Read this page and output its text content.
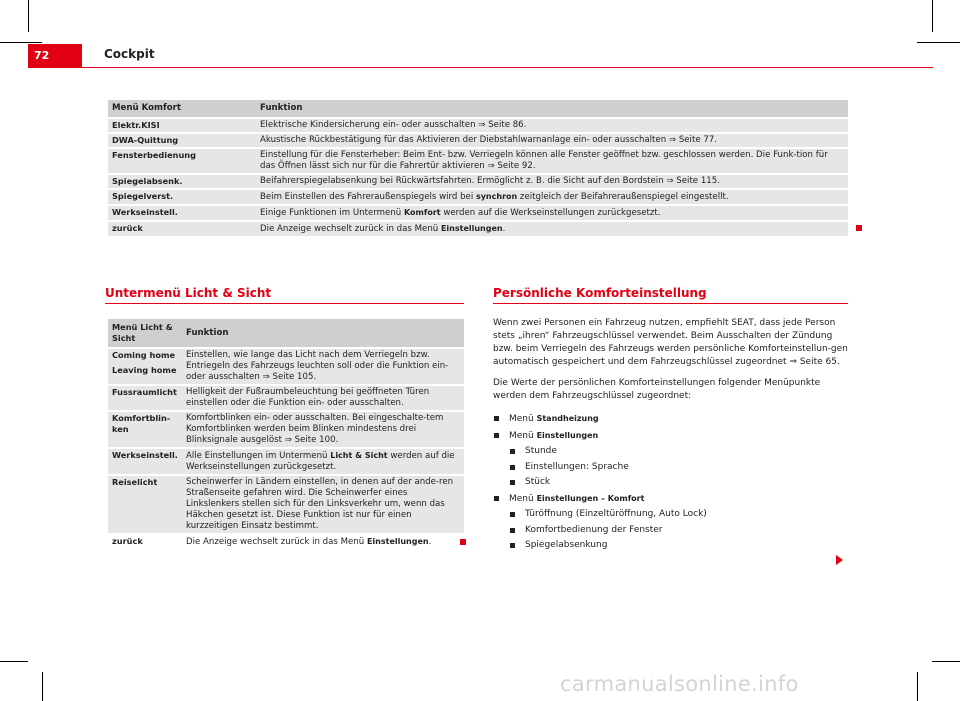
72	Cockpit
Menü Komfort	Funktion
Elektr.KISI	Elektrische Kindersicherung ein- oder ausschalten ⇒ Seite 86.
DWA-Quittung	Akustische Rückbestätigung für das Aktivieren der Diebstahlwarnanlage ein- oder ausschalten ⇒ Seite 77.
Fensterbedienung	Einstellung für die Fensterheber: Beim Ent- bzw. Verriegeln können alle Fenster geöffnet bzw. geschlossen werden. Die Funk-tion für das Öffnen lässt sich nur für die Fahrertür aktivieren ⇒ Seite 92.
Spiegelabsenk.	Beifahrerspiegelabsenkung bei Rückwärtsfahrten. Ermöglicht z. B. die Sicht auf den Bordstein ⇒ Seite 115.
Spiegelverst.	Beim Einstellen des Fahreraußenspiegels wird bei synchron zeitgleich der Beifahreraußenspiegel eingestellt.
Werkseinstell.	Einige Funktionen im Untermenü Komfort werden auf die Werkseinstellungen zurückgesetzt.
zurück	Die Anzeige wechselt zurück in das Menü Einstellungen.
Untermenü Licht & Sicht
Menü Licht & Sicht	Funktion

Coming home
Leaving home	Einstellen, wie lange das Licht nach dem Verriegeln bzw. Entriegeln des Fahrzeugs leuchten soll oder die Funktion ein- oder ausschalten ⇒ Seite 105.
Fussraumlicht	Helligkeit der Fußraumbeleuchtung bei geöffneten Türen einstellen oder die Funktion ein- oder ausschalten.
Komfortblin-ken	Komfortblinken ein- oder ausschalten. Bei eingeschalte-tem Komfortblinken werden beim Blinken mindestens drei Blinksignale ausgelöst ⇒ Seite 100.
Werkseinstell.	Alle Einstellungen im Untermenü Licht & Sicht werden auf die Werkseinstellungen zurückgesetzt.
Reiselicht	Scheinwerfer in Ländern einstellen, in denen auf der ande-ren Straßenseite gefahren wird. Die Scheinwerfer eines Linkslenkers stellen sich für den Linksverkehr um, wenn das Häkchen gesetzt ist. Diese Funktion ist nur für einen kurzzeitigen Einsatz bestimmt.
zurück	Die Anzeige wechselt zurück in das Menü Einstellungen.
Persönliche Komforteinstellung

Wenn zwei Personen ein Fahrzeug nutzen, empfiehlt SEAT, dass jede Person stets „ihren“ Fahrzeugschlüssel verwendet. Beim Ausschalten der Zündung bzw. beim Verriegeln des Fahrzeugs werden persönliche Komforteinstellun-gen automatisch gespeichert und dem Fahrzeugschlüssel zugeordnet ⇒ Seite 65.

Die Werte der persönlichen Komforteinstellungen folgender Menüpunkte werden dem Fahrzeugschlüssel zugeordnet:

Menü Standheizung
Menü Einstellungen
Stunde
Einstellungen: Sprache
Stück
Menü Einstellungen – Komfort
Türöffnung (Einzeltüröffnung, Auto Lock)
Komfortbedienung der Fenster
Spiegelabsenkung
carmanualsonline.info
